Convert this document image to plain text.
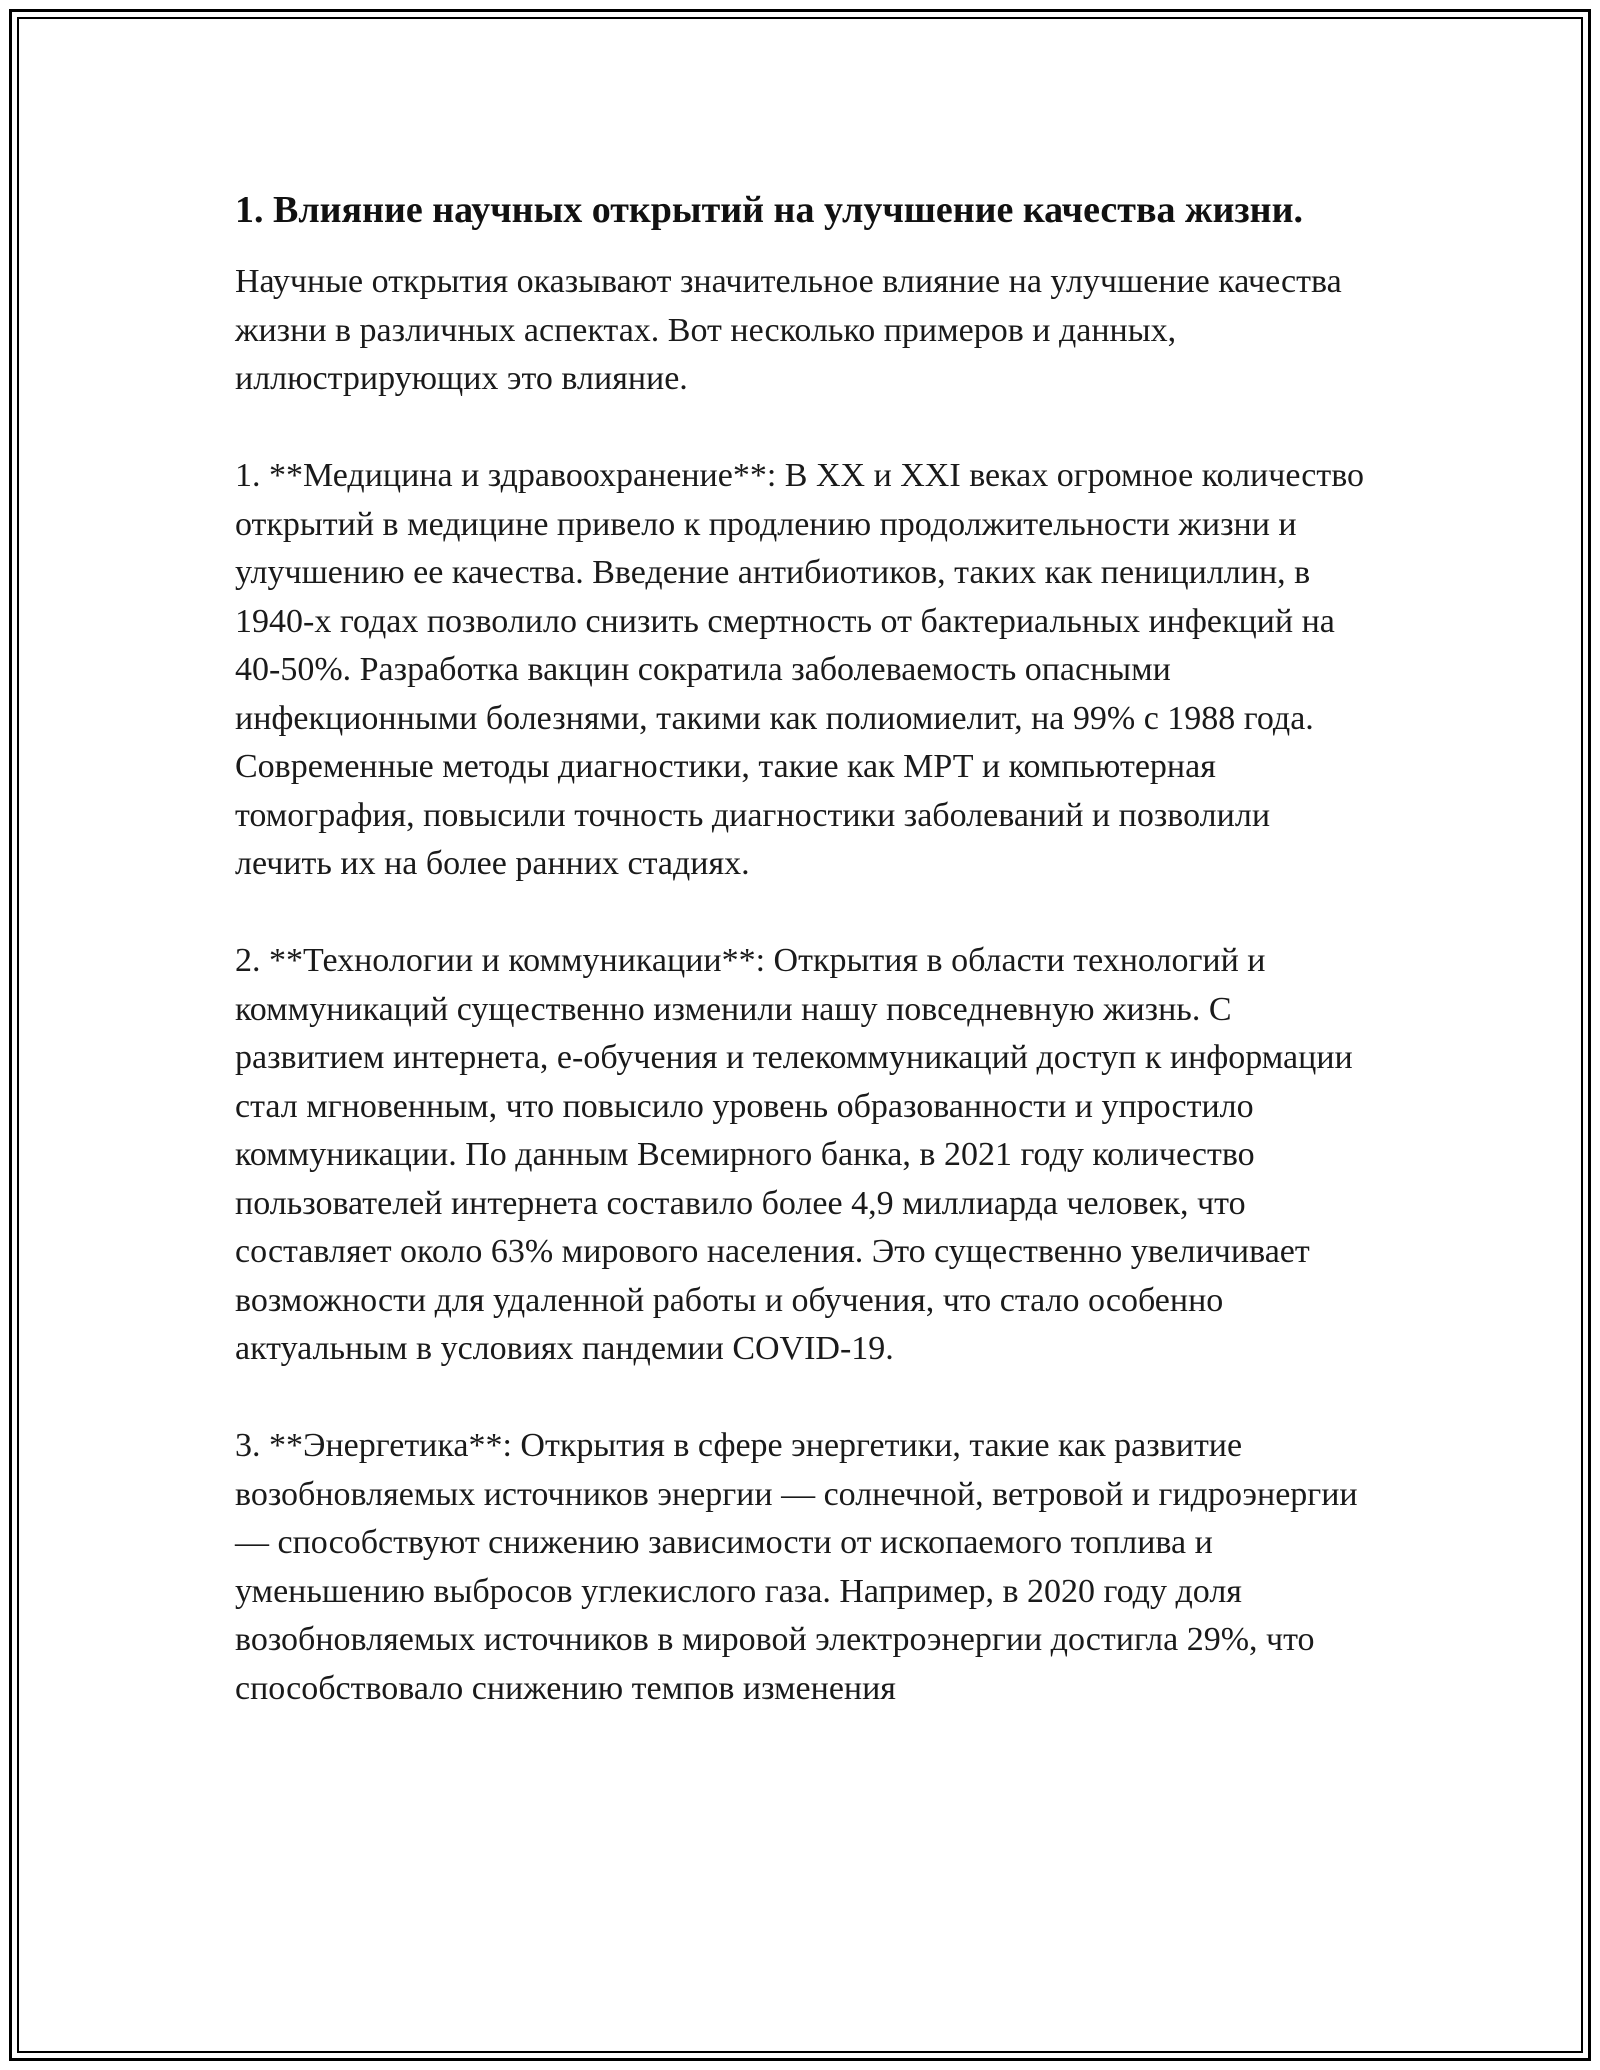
1. Влияние научных открытий на улучшение качества жизни.

Научные открытия оказывают значительное влияние на улучшение качества жизни в различных аспектах. Вот несколько примеров и данных, иллюстрирующих это влияние.

1. **Медицина и здравоохранение**: В XX и XXI веках огромное количество открытий в медицине привело к продлению продолжительности жизни и улучшению ее качества. Введение антибиотиков, таких как пенициллин, в 1940-х годах позволило снизить смертность от бактериальных инфекций на 40-50%. Разработка вакцин сократила заболеваемость опасными инфекционными болезнями, такими как полиомиелит, на 99% с 1988 года. Современные методы диагностики, такие как МРТ и компьютерная томография, повысили точность диагностики заболеваний и позволили лечить их на более ранних стадиях.

2. **Технологии и коммуникации**: Открытия в области технологий и коммуникаций существенно изменили нашу повседневную жизнь. С развитием интернета, е-обучения и телекоммуникаций доступ к информации стал мгновенным, что повысило уровень образованности и упростило коммуникации. По данным Всемирного банка, в 2021 году количество пользователей интернета составило более 4,9 миллиарда человек, что составляет около 63% мирового населения. Это существенно увеличивает возможности для удаленной работы и обучения, что стало особенно актуальным в условиях пандемии COVID-19.

3. **Энергетика**: Открытия в сфере энергетики, такие как развитие возобновляемых источников энергии — солнечной, ветровой и гидроэнергии — способствуют снижению зависимости от ископаемого топлива и уменьшению выбросов углекислого газа. Например, в 2020 году доля возобновляемых источников в мировой электроэнергии достигла 29%, что способствовало снижению темпов изменения
